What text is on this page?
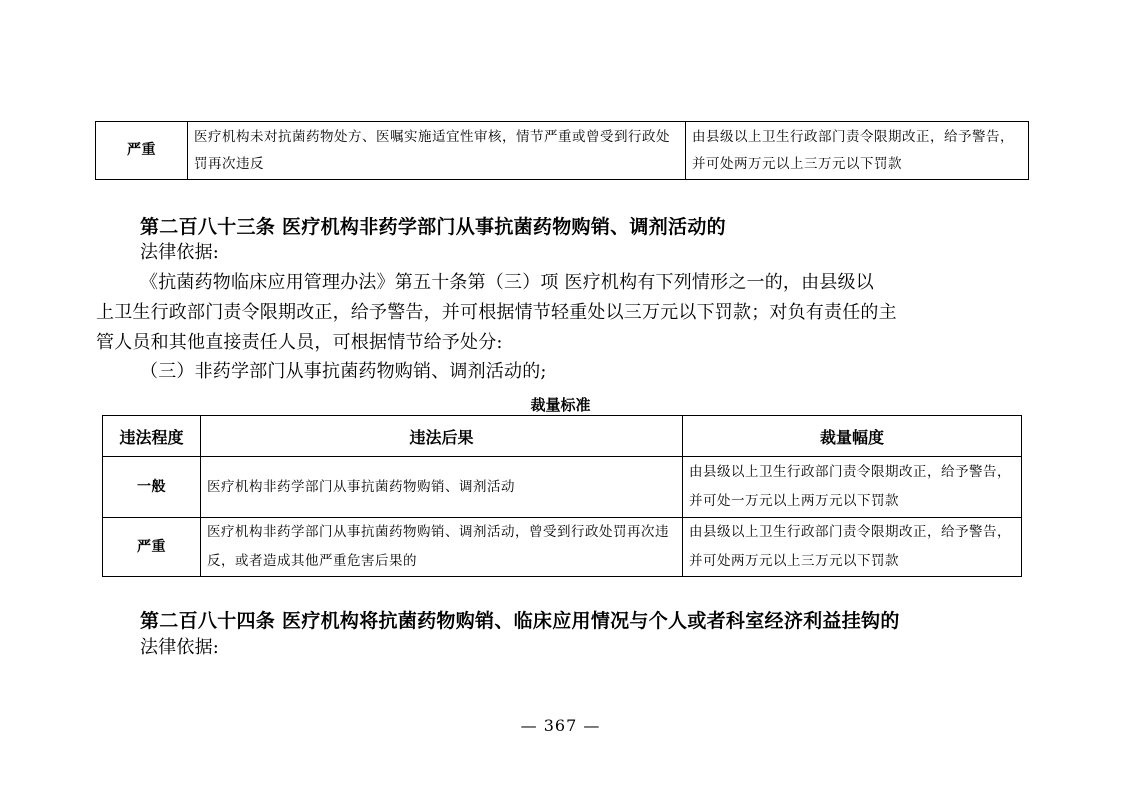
严重	医疗机构未对抗菌药物处方、医嘱实施适宜性审核，情节严重或曾受到行政处罚再次违反	由县级以上卫生行政部门责令限期改正，给予警告，并可处两万元以上三万元以下罚款
第二百八十三条 医疗机构非药学部门从事抗菌药物购销、调剂活动的
法律依据:
《抗菌药物临床应用管理办法》第五十条第（三）项 医疗机构有下列情形之一的，由县级以
上卫生行政部门责令限期改正，给予警告，并可根据情节轻重处以三万元以下罚款；对负有责任的主
管人员和其他直接责任人员，可根据情节给予处分:
（三）非药学部门从事抗菌药物购销、调剂活动的;
裁量标准
违法程度	违法后果	裁量幅度
一般	医疗机构非药学部门从事抗菌药物购销、调剂活动	由县级以上卫生行政部门责令限期改正，给予警告，并可处一万元以上两万元以下罚款
严重	医疗机构非药学部门从事抗菌药物购销、调剂活动，曾受到行政处罚再次违反，或者造成其他严重危害后果的	由县级以上卫生行政部门责令限期改正，给予警告，并可处两万元以上三万元以下罚款
第二百八十四条 医疗机构将抗菌药物购销、临床应用情况与个人或者科室经济利益挂钩的
法律依据:
— 367 —
